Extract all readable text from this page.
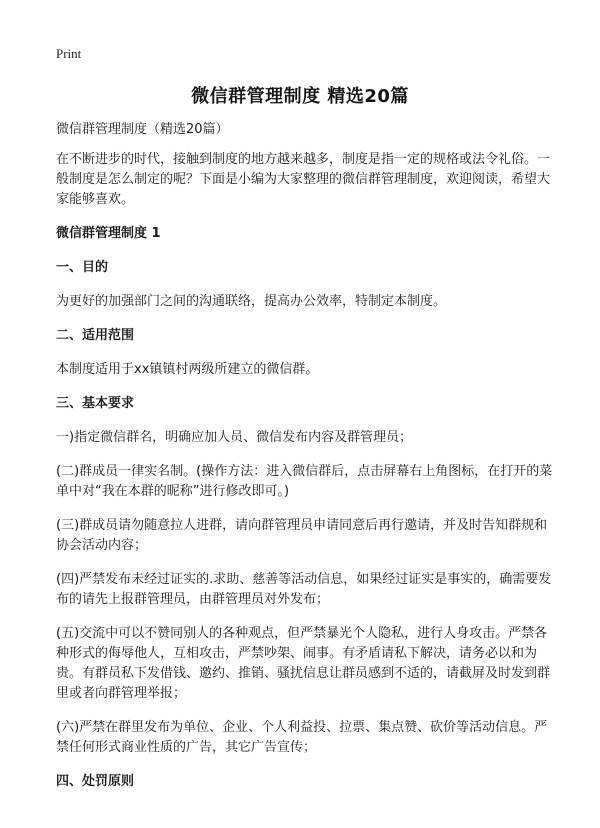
Print
微信群管理制度 精选20篇

微信群管理制度（精选20篇）

在不断进步的时代，接触到制度的地方越来越多，制度是指一定的规格或法令礼俗。一般制度是怎么制定的呢？下面是小编为大家整理的微信群管理制度，欢迎阅读，希望大家能够喜欢。

微信群管理制度 1

一、目的

为更好的加强部门之间的沟通联络，提高办公效率，特制定本制度。

二、适用范围

本制度适用于xx镇镇村两级所建立的微信群。

三、基本要求

一)指定微信群名，明确应加人员、微信发布内容及群管理员；

(二)群成员一律实名制。(操作方法：进入微信群后，点击屏幕右上角图标，在打开的菜单中对“我在本群的昵称”进行修改即可。)

(三)群成员请勿随意拉人进群，请向群管理员申请同意后再行邀请，并及时告知群规和协会活动内容；

(四)严禁发布未经过证实的.求助、慈善等活动信息，如果经过证实是事实的，确需要发布的请先上报群管理员，由群管理员对外发布；

(五)交流中可以不赞同别人的各种观点，但严禁暴光个人隐私，进行人身攻击。严禁各种形式的侮辱他人，互相攻击，严禁吵架、闹事。有矛盾请私下解决，请务必以和为贵。有群员私下发借钱、邀约、推销、骚扰信息让群员感到不适的，请截屏及时发到群里或者向群管理举报；

(六)严禁在群里发布为单位、企业、个人利益投、拉票、集点赞、砍价等活动信息。严禁任何形式商业性质的广告，其它广告宣传；

四、处罚原则
